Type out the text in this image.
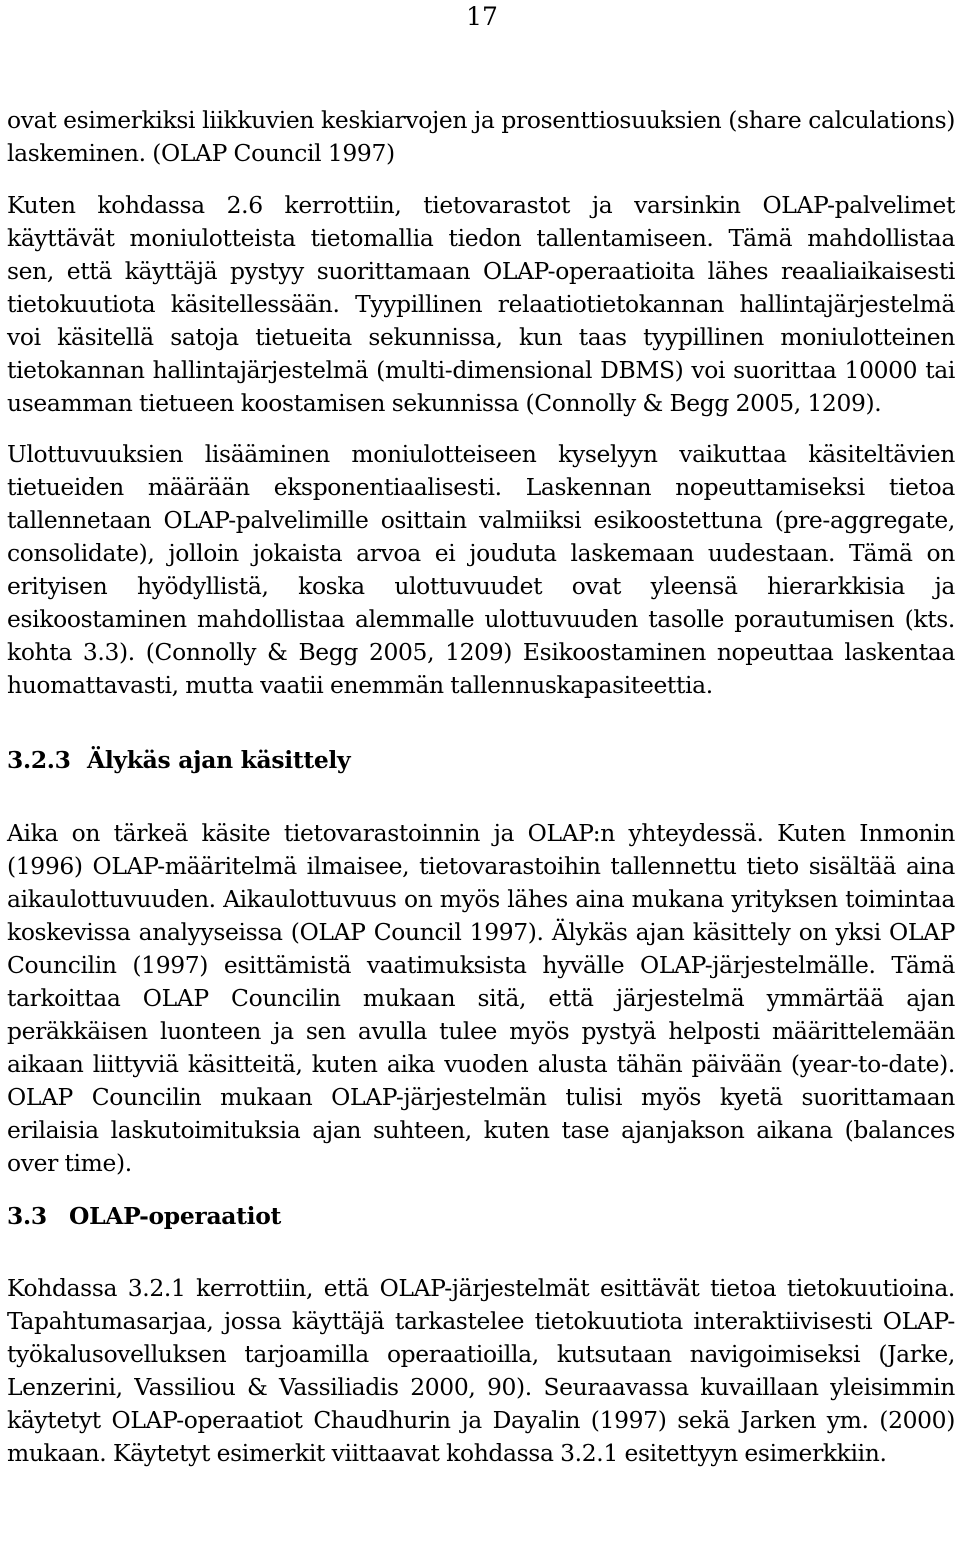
17

ovat esimerkiksi liikkuvien keskiarvojen ja prosenttiosuuksien (share calculations) laskeminen. (OLAP Council 1997)

Kuten kohdassa 2.6 kerrottiin, tietovarastot ja varsinkin OLAP-palvelimet käyttävät moniulotteista tietomallia tiedon tallentamiseen. Tämä mahdollistaa sen, että käyttäjä pystyy suorittamaan OLAP-operaatioita lähes reaaliaikaisesti tietokuutiota käsitellessään. Tyypillinen relaatiotietokannan hallintajärjestelmä voi käsitellä satoja tietueita sekunnissa, kun taas tyypillinen moniulotteinen tietokannan hallintajärjestelmä (multi-dimensional DBMS) voi suorittaa 10000 tai useamman tietueen koostamisen sekunnissa (Connolly & Begg 2005, 1209).

Ulottuvuuksien lisääminen moniulotteiseen kyselyyn vaikuttaa käsiteltävien tietueiden määrään eksponentiaalisesti. Laskennan nopeuttamiseksi tietoa tallennetaan OLAP-palvelimille osittain valmiiksi esikoostettuna (pre-aggregate, consolidate), jolloin jokaista arvoa ei jouduta laskemaan uudestaan. Tämä on erityisen hyödyllistä, koska ulottuvuudet ovat yleensä hierarkkisia ja esikoostaminen mahdollistaa alemmalle ulottuvuuden tasolle porautumisen (kts. kohta 3.3). (Connolly & Begg 2005, 1209) Esikoostaminen nopeuttaa laskentaa huomattavasti, mutta vaatii enemmän tallennuskapasiteettia.

3.2.3 Älykäs ajan käsittely

Aika on tärkeä käsite tietovarastoinnin ja OLAP:n yhteydessä. Kuten Inmonin (1996) OLAP-määritelmä ilmaisee, tietovarastoihin tallennettu tieto sisältää aina aikaulottuvuuden. Aikaulottuvuus on myös lähes aina mukana yrityksen toimintaa koskevissa analyyseissa (OLAP Council 1997). Älykäs ajan käsittely on yksi OLAP Councilin (1997) esittämistä vaatimuksista hyvälle OLAP-järjestelmälle. Tämä tarkoittaa OLAP Councilin mukaan sitä, että järjestelmä ymmärtää ajan peräkkäisen luonteen ja sen avulla tulee myös pystyä helposti määrittelemään aikaan liittyviä käsitteitä, kuten aika vuoden alusta tähän päivään (year-to-date). OLAP Councilin mukaan OLAP-järjestelmän tulisi myös kyetä suorittamaan erilaisia laskutoimituksia ajan suhteen, kuten tase ajanjakson aikana (balances over time).

3.3 OLAP-operaatiot

Kohdassa 3.2.1 kerrottiin, että OLAP-järjestelmät esittävät tietoa tietokuutioina. Tapahtumasarjaa, jossa käyttäjä tarkastelee tietokuutiota interaktiivisesti OLAP-työkalusovelluksen tarjoamilla operaatioilla, kutsutaan navigoimiseksi (Jarke, Lenzerini, Vassiliou & Vassiliadis 2000, 90). Seuraavassa kuvaillaan yleisimmin käytetyt OLAP-operaatiot Chaudhurin ja Dayalin (1997) sekä Jarken ym. (2000) mukaan. Käytetyt esimerkit viittaavat kohdassa 3.2.1 esitettyyn esimerkkiin.
